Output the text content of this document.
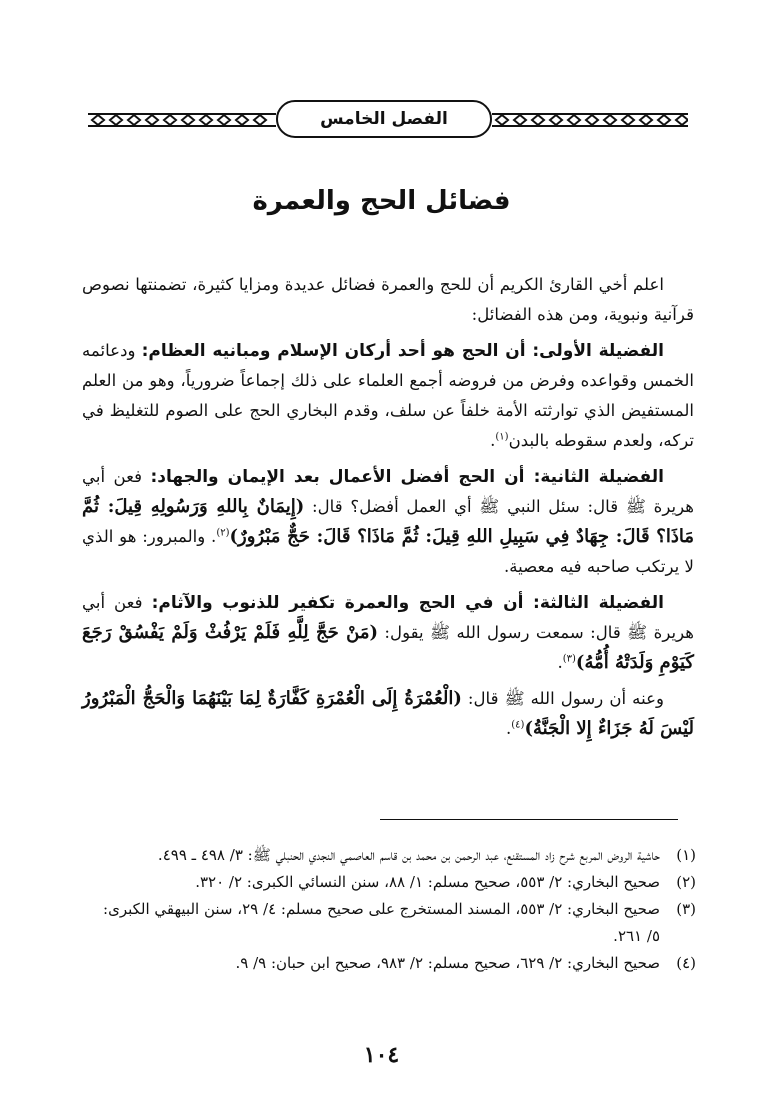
الفصل الخامس
فضائل الحج والعمرة

اعلم أخي القارئ الكريم أن للحج والعمرة فضائل عديدة ومزايا كثيرة، تضمنتها نصوص قرآنية ونبوية، ومن هذه الفضائل:

الفضيلة الأولى: أن الحج هو أحد أركان الإسلام ومبانيه العظام: ودعائمه الخمس وقواعده وفرض من فروضه أجمع العلماء على ذلك إجماعاً ضرورياً، وهو من العلم المستفيض الذي توارثته الأمة خلفاً عن سلف، وقدم البخاري الحج على الصوم للتغليظ في تركه، ولعدم سقوطه بالبدن$^{(١)}$.

الفضيلة الثانية: أن الحج أفضل الأعمال بعد الإيمان والجهاد: فعن أبي هريرة ﷺ قال: سئل النبي ﷺ أي العمل أفضل؟ قال: (إِيمَانٌ بِاللهِ وَرَسُولِهِ قِيلَ: ثُمَّ مَاذَا؟ قَالَ: جِهَادٌ فِي سَبِيلِ اللهِ قِيلَ: ثُمَّ مَاذَا؟ قَالَ: حَجٌّ مَبْرُورٌ)$^{(٢)}$. والمبرور: هو الذي لا يرتكب صاحبه فيه معصية.

الفضيلة الثالثة: أن في الحج والعمرة تكفير للذنوب والآثام: فعن أبي هريرة ﷺ قال: سمعت رسول الله ﷺ يقول: (مَنْ حَجَّ لِلَّهِ فَلَمْ يَرْفُثْ وَلَمْ يَفْسُقْ رَجَعَ كَيَوْمِ وَلَدَتْهُ أُمُّهُ)$^{(٣)}$.

وعنه أن رسول الله ﷺ قال: (الْعُمْرَةُ إِلَى الْعُمْرَةِ كَفَّارَةٌ لِمَا بَيْنَهُمَا وَالْحَجُّ الْمَبْرُورُ لَيْسَ لَهُ جَزَاءٌ إِلا الْجَنَّةُ)$^{(٤)}$.

(١)
حاشية الروض المربع شرح زاد المستقنع، عبد الرحمن بن محمد بن قاسم العاصمي النجدي الحنبلي ﷺ: ٣/ ٤٩٨ ـ ٤٩٩.
(٢)
صحيح البخاري: ٢/ ٥٥٣، صحيح مسلم: ١/ ٨٨، سنن النسائي الكبرى: ٢/ ٣٢٠.
(٣)
صحيح البخاري: ٢/ ٥٥٣، المسند المستخرج على صحيح مسلم: ٤/ ٢٩، سنن البيهقي الكبرى: ٥/ ٢٦١.
(٤)
صحيح البخاري: ٢/ ٦٢٩، صحيح مسلم: ٢/ ٩٨٣، صحيح ابن حبان: ٩/ ٩.
١٠٤
